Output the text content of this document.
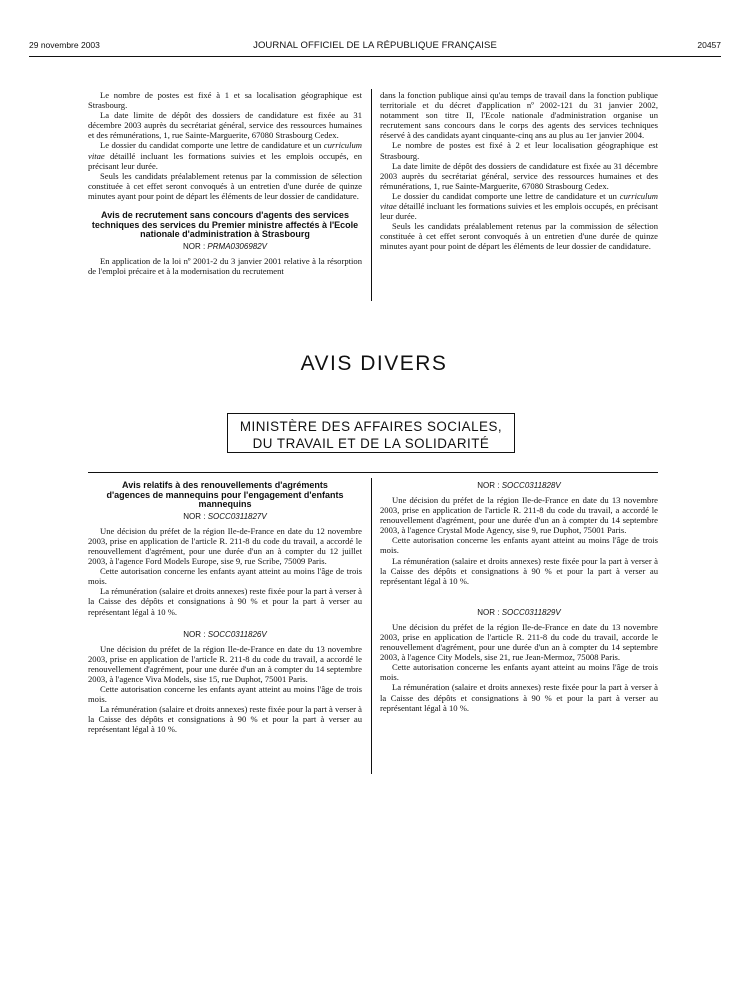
29 novembre 2003	JOURNAL OFFICIEL DE LA RÉPUBLIQUE FRANÇAISE	20457

Le nombre de postes est fixé à 1 et sa localisation géographique est Strasbourg.

La date limite de dépôt des dossiers de candidature est fixée au 31 décembre 2003 auprès du secrétariat général, service des ressources humaines et des rémunérations, 1, rue Sainte-Marguerite, 67080 Strasbourg Cedex.

Le dossier du candidat comporte une lettre de candidature et un curriculum vitae détaillé incluant les formations suivies et les emplois occupés, en précisant leur durée.

Seuls les candidats préalablement retenus par la commission de sélection constituée à cet effet seront convoqués à un entretien d'une durée de quinze minutes ayant pour point de départ les éléments de leur dossier de candidature.

Avis de recrutement sans concours d'agents des services techniques des services du Premier ministre affectés à l'Ecole nationale d'administration à Strasbourg
NOR : PRMA0306982V

En application de la loi nº 2001-2 du 3 janvier 2001 relative à la résorption de l'emploi précaire et à la modernisation du recrutement

dans la fonction publique ainsi qu'au temps de travail dans la fonction publique territoriale et du décret d'application nº 2002-121 du 31 janvier 2002, notamment son titre II, l'Ecole nationale d'administration organise un recrutement sans concours dans le corps des agents des services techniques réservé à des candidats ayant cinquante-cinq ans au plus au 1er janvier 2004.

Le nombre de postes est fixé à 2 et leur localisation géographique est Strasbourg.

La date limite de dépôt des dossiers de candidature est fixée au 31 décembre 2003 auprès du secrétariat général, service des ressources humaines et des rémunérations, 1, rue Sainte-Marguerite, 67080 Strasbourg Cedex.

Le dossier du candidat comporte une lettre de candidature et un curriculum vitae détaillé incluant les formations suivies et les emplois occupés, en précisant leur durée.

Seuls les candidats préalablement retenus par la commission de sélection constituée à cet effet seront convoqués à un entretien d'une durée de quinze minutes ayant pour point de départ les éléments de leur dossier de candidature.

AVIS DIVERS
MINISTÈRE DES AFFAIRES SOCIALES,
DU TRAVAIL ET DE LA SOLIDARITÉ
Avis relatifs à des renouvellements d'agréments d'agences de mannequins pour l'engagement d'enfants mannequins
NOR : SOCC0311827V

Une décision du préfet de la région Ile-de-France en date du 12 novembre 2003, prise en application de l'article R. 211-8 du code du travail, a accordé le renouvellement d'agrément, pour une durée d'un an à compter du 12 juillet 2003, à l'agence Ford Models Europe, sise 9, rue Scribe, 75009 Paris.

Cette autorisation concerne les enfants ayant atteint au moins l'âge de trois mois.

La rémunération (salaire et droits annexes) reste fixée pour la part à verser à la Caisse des dépôts et consignations à 90 % et pour la part à verser au représentant légal à 10 %.

NOR : SOCC0311826V

Une décision du préfet de la région Ile-de-France en date du 13 novembre 2003, prise en application de l'article R. 211-8 du code du travail, a accordé le renouvellement d'agrément, pour une durée d'un an à compter du 14 septembre 2003, à l'agence Viva Models, sise 15, rue Duphot, 75001 Paris.

Cette autorisation concerne les enfants ayant atteint au moins l'âge de trois mois.

La rémunération (salaire et droits annexes) reste fixée pour la part à verser à la Caisse des dépôts et consignations à 90 % et pour la part à verser au représentant légal à 10 %.

NOR : SOCC0311828V

Une décision du préfet de la région Ile-de-France en date du 13 novembre 2003, prise en application de l'article R. 211-8 du code du travail, a accordé le renouvellement d'agrément, pour une durée d'un an à compter du 14 septembre 2003, à l'agence Crystal Mode Agency, sise 9, rue Duphot, 75001 Paris.

Cette autorisation concerne les enfants ayant atteint au moins l'âge de trois mois.

La rémunération (salaire et droits annexes) reste fixée pour la part à verser à la Caisse des dépôts et consignations à 90 % et pour la part à verser au représentant légal à 10 %.

NOR : SOCC0311829V

Une décision du préfet de la région Ile-de-France en date du 13 novembre 2003, prise en application de l'article R. 211-8 du code du travail, accorde le renouvellement d'agrément, pour une durée d'un an à compter du 14 septembre 2003, à l'agence City Models, sise 21, rue Jean-Mermoz, 75008 Paris.

Cette autorisation concerne les enfants ayant atteint au moins l'âge de trois mois.

La rémunération (salaire et droits annexes) reste fixée pour la part à verser à la Caisse des dépôts et consignations à 90 % et pour la part à verser au représentant légal à 10 %.
